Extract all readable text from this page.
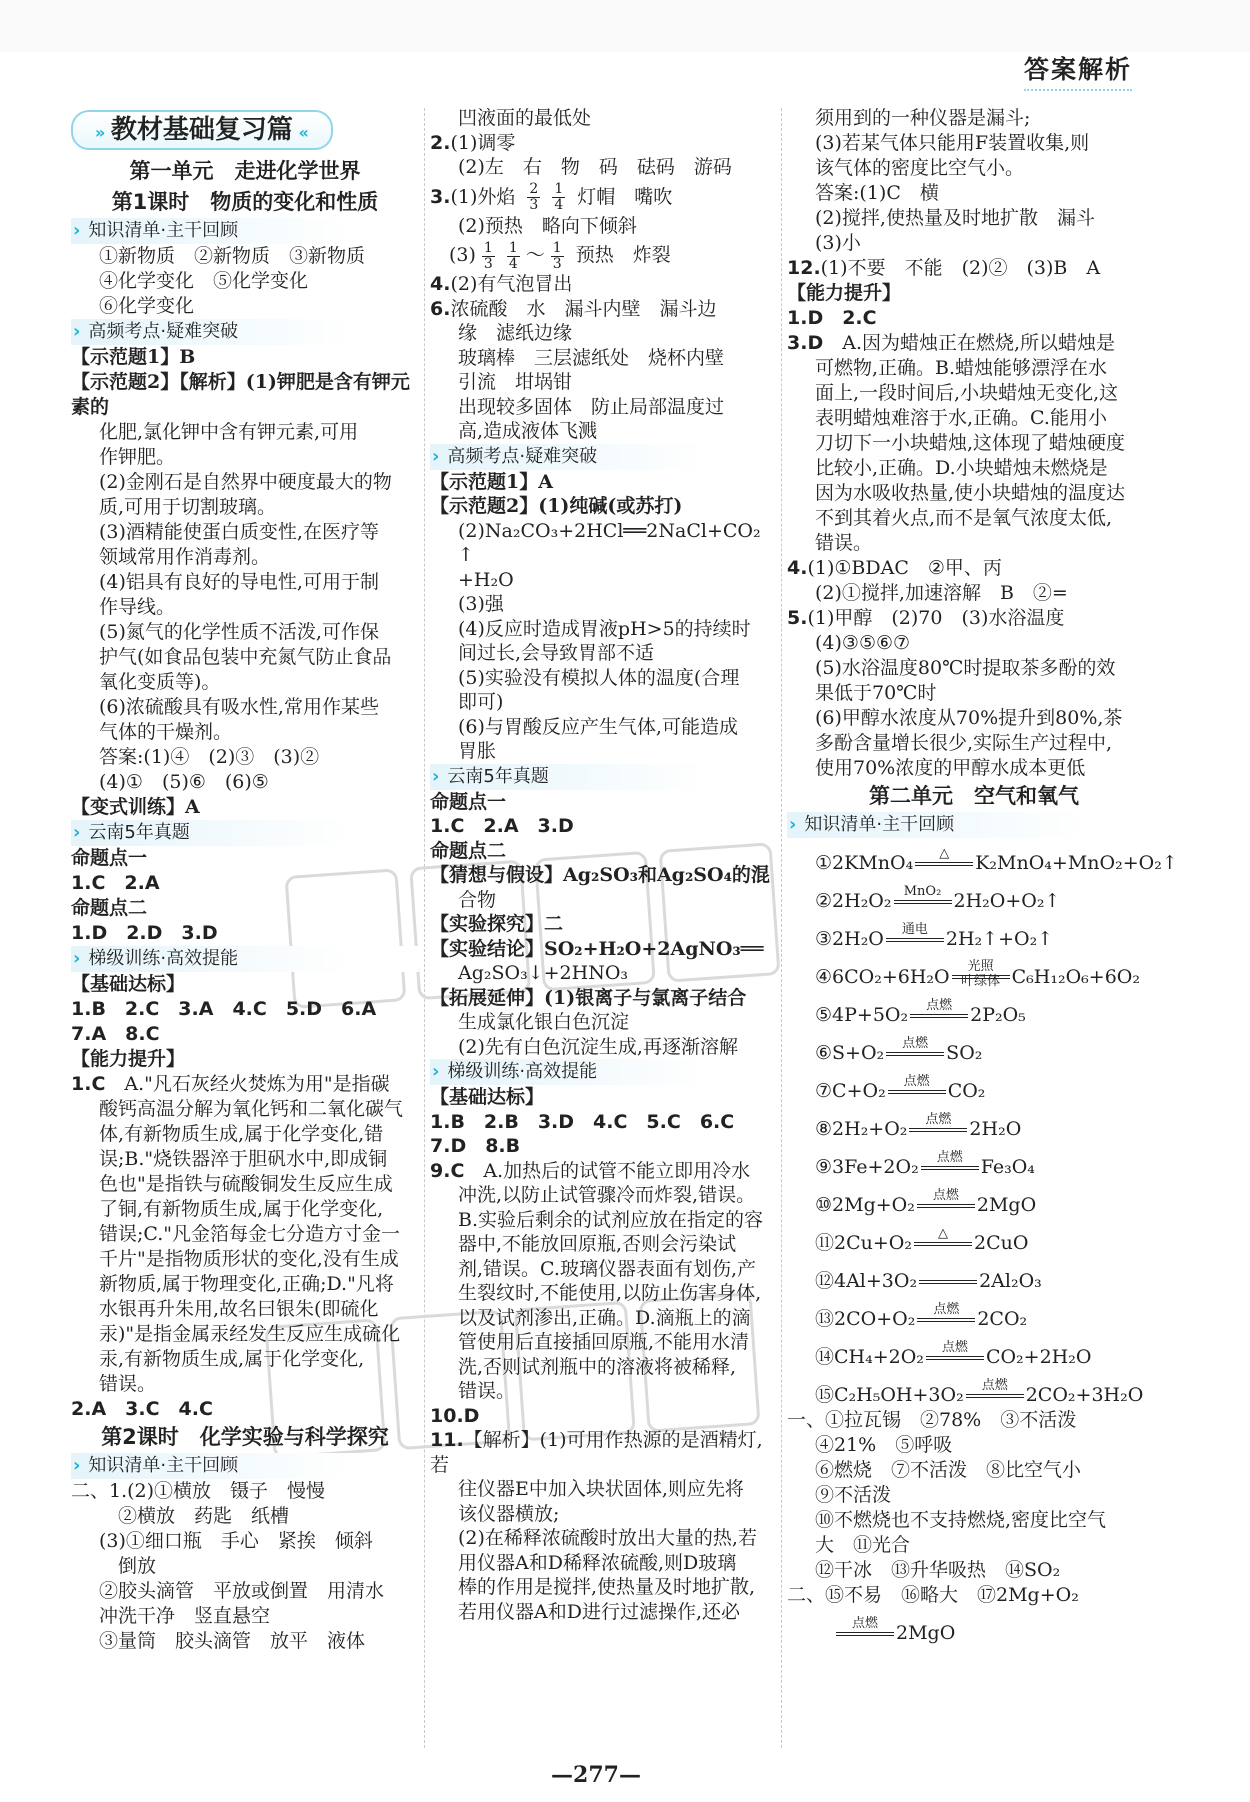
答案解析
» 教材基础复习篇 «
第一单元　走进化学世界
第1课时　物质的变化和性质
› 知识清单·主干回顾
①新物质　②新物质　③新物质
④化学变化　⑤化学变化
⑥化学变化
› 高频考点·疑难突破
【示范题1】B
【示范题2】【解析】(1)钾肥是含有钾元素的
化肥,氯化钾中含有钾元素,可用
作钾肥。
(2)金刚石是自然界中硬度最大的物
质,可用于切割玻璃。
(3)酒精能使蛋白质变性,在医疗等
领域常用作消毒剂。
(4)铝具有良好的导电性,可用于制
作导线。
(5)氮气的化学性质不活泼,可作保
护气(如食品包装中充氮气防止食品
氧化变质等)。
(6)浓硫酸具有吸水性,常用作某些
气体的干燥剂。
答案:(1)④　(2)③　(3)②
(4)①　(5)⑥　(6)⑤
【变式训练】A
› 云南5年真题
命题点一
1.C　2.A
命题点二
1.D　2.D　3.D
› 梯级训练·高效提能
【基础达标】
1.B　2.C　3.A　4.C　5.D　6.A
7.A　8.C
【能力提升】
1.C　A."凡石灰经火焚炼为用"是指碳
酸钙高温分解为氧化钙和二氧化碳气
体,有新物质生成,属于化学变化,错
误;B."烧铁器淬于胆矾水中,即成铜
色也"是指铁与硫酸铜发生反应生成
了铜,有新物质生成,属于化学变化,
错误;C."凡金箔每金七分造方寸金一
千片"是指物质形状的变化,没有生成
新物质,属于物理变化,正确;D."凡将
水银再升朱用,故名曰银朱(即硫化
汞)"是指金属汞经发生反应生成硫化
汞,有新物质生成,属于化学变化,
错误。
2.A　3.C　4.C
第2课时　化学实验与科学探究
› 知识清单·主干回顾
二、1.(2)①横放　镊子　慢慢
　②横放　药匙　纸槽
(3)①细口瓶　手心　紧挨　倾斜
　倒放
②胶头滴管　平放或倒置　用清水
冲洗干净　竖直悬空
③量筒　胶头滴管　放平　液体
凹液面的最低处
2.(1)调零
(2)左　右　物　码　砝码　游码
3.(1)外焰 $\frac{2}{3} \frac{1}{4}$ 灯帽　嘴吹
(2)预热　略向下倾斜
　$(3) \frac{1}{3} \frac{1}{4}$ ～ $\frac{1}{3}$ 预热　炸裂
4.(2)有气泡冒出
6.浓硫酸　水　漏斗内壁　漏斗边
缘　滤纸边缘
玻璃棒　三层滤纸处　烧杯内壁
引流　坩埚钳
出现较多固体　防止局部温度过
高,造成液体飞溅
› 高频考点·疑难突破
【示范题1】A
【示范题2】(1)纯碱(或苏打)
(2)Na₂CO₃+2HCl══2NaCl+CO₂↑
+H₂O
(3)强
(4)反应时造成胃液pH>5的持续时
间过长,会导致胃部不适
(5)实验没有模拟人体的温度(合理
即可)
(6)与胃酸反应产生气体,可能造成
胃胀
› 云南5年真题
命题点一
1.C　2.A　3.D
命题点二
【猜想与假设】Ag₂SO₃和Ag₂SO₄的混
合物
【实验探究】二
【实验结论】SO₂+H₂O+2AgNO₃══
Ag₂SO₃↓+2HNO₃
【拓展延伸】(1)银离子与氯离子结合
生成氯化银白色沉淀
(2)先有白色沉淀生成,再逐渐溶解
› 梯级训练·高效提能
【基础达标】
1.B　2.B　3.D　4.C　5.C　6.C
7.D　8.B
9.C　A.加热后的试管不能立即用冷水
冲洗,以防止试管骤冷而炸裂,错误。
B.实验后剩余的试剂应放在指定的容
器中,不能放回原瓶,否则会污染试
剂,错误。C.玻璃仪器表面有划伤,产
生裂纹时,不能使用,以防止伤害身体,
以及试剂渗出,正确。D.滴瓶上的滴
管使用后直接插回原瓶,不能用水清
洗,否则试剂瓶中的溶液将被稀释,
错误。
10.D
11.【解析】(1)可用作热源的是酒精灯,若
往仪器E中加入块状固体,则应先将
该仪器横放;
(2)在稀释浓硫酸时放出大量的热,若
用仪器A和D稀释浓硫酸,则D玻璃
棒的作用是搅拌,使热量及时地扩散,
若用仪器A和D进行过滤操作,还必
须用到的一种仪器是漏斗;
(3)若某气体只能用F装置收集,则
该气体的密度比空气小。
答案:(1)C　横
(2)搅拌,使热量及时地扩散　漏斗
(3)小
12.(1)不要　不能　(2)②　(3)B　A
【能力提升】
1.D　2.C
3.D　A.因为蜡烛正在燃烧,所以蜡烛是
可燃物,正确。B.蜡烛能够漂浮在水
面上,一段时间后,小块蜡烛无变化,这
表明蜡烛难溶于水,正确。C.能用小
刀切下一小块蜡烛,这体现了蜡烛硬度
比较小,正确。D.小块蜡烛未燃烧是
因为水吸收热量,使小块蜡烛的温度达
不到其着火点,而不是氧气浓度太低,
错误。
4.(1)①BDAC　②甲、丙
(2)①搅拌,加速溶解　B　②=
5.(1)甲醇　(2)70　(3)水浴温度
(4)③⑤⑥⑦
(5)水浴温度80℃时提取茶多酚的效
果低于70℃时
(6)甲醇水浓度从70%提升到80%,茶
多酚含量增长很少,实际生产过程中,
使用70%浓度的甲醇水成本更低
第二单元　空气和氧气
› 知识清单·主干回顾
①2KMnO₄	△ K₂MnO₄+MnO₂+O₂↑
②2H₂O₂ MnO₂ 2H₂O+O₂↑
③2H₂O	通电 2H₂↑+O₂↑
④6CO₂+6H₂O	光照
叶绿体 C₆H₁₂O₆+6O₂
⑤4P+5O₂	点燃 2P₂O₅
⑥S+O₂	点燃 SO₂
⑦C+O₂	点燃 CO₂
⑧2H₂+O₂	点燃 2H₂O
⑨3Fe+2O₂	点燃 Fe₃O₄
⑩2Mg+O₂	点燃 2MgO
⑪2Cu+O₂	△ 2CuO
⑫4Al+3O₂	2Al₂O₃
⑬2CO+O₂	点燃 2CO₂
⑭CH₄+2O₂	点燃 CO₂+2H₂O
⑮C₂H₅OH+3O₂	点燃 2CO₂+3H₂O
一、①拉瓦锡　②78%　③不活泼
④21%　⑤呼吸
⑥燃烧　⑦不活泼　⑧比空气小
⑨不活泼
⑩不燃烧也不支持燃烧,密度比空气
大　⑪光合
⑫干冰　⑬升华吸热　⑭SO₂
二、⑮不易　⑯略大　⑰2Mg+O₂

点燃 2MgO
—277—
